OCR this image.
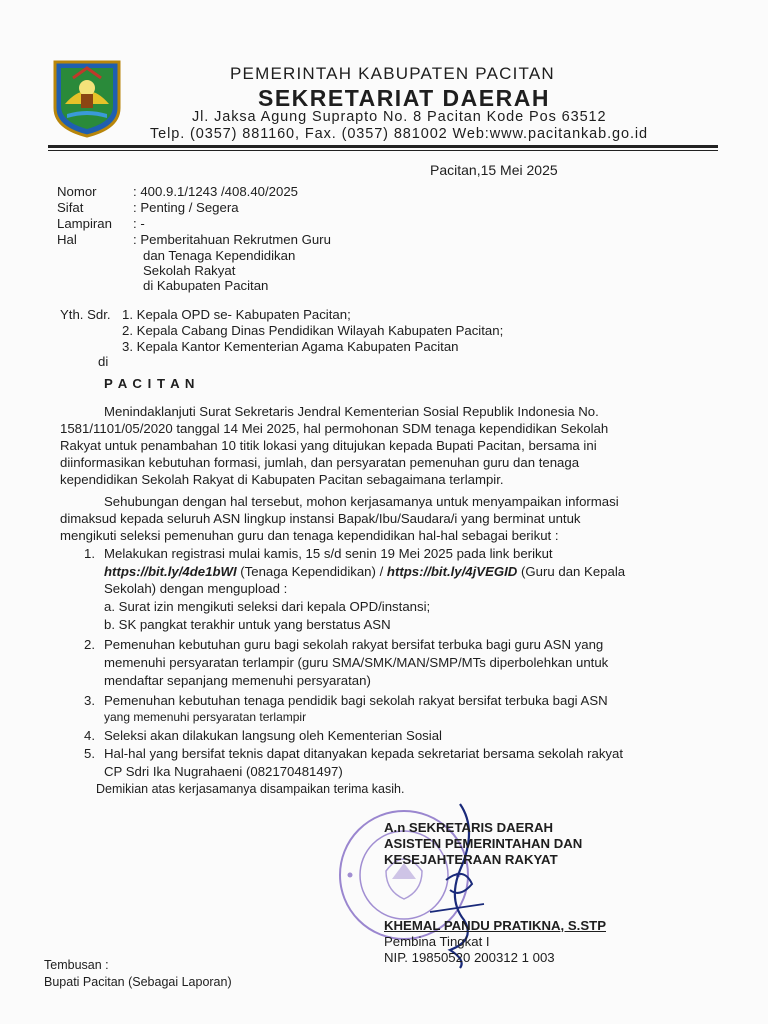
PEMERINTAH KABUPATEN PACITAN
SEKRETARIAT DAERAH
Jl. Jaksa Agung Suprapto No. 8 Pacitan Kode Pos 63512
Telp. (0357) 881160, Fax. (0357) 881002 Web:www.pacitankab.go.id
Pacitan,15 Mei 2025
Nomor	: 400.9.1/1243 /408.40/2025
Sifat	: Penting / Segera
Lampiran : -
Hal	: Pemberitahuan Rekrutmen Guru
dan Tenaga Kependidikan
Sekolah Rakyat
di Kabupaten Pacitan
Yth. Sdr. 1. Kepala OPD se- Kabupaten Pacitan;
2. Kepala Cabang Dinas Pendidikan Wilayah Kabupaten Pacitan;
3. Kepala Kantor Kementerian Agama Kabupaten Pacitan
di
P A C I T A N
Menindaklanjuti Surat Sekretaris Jendral Kementerian Sosial Republik Indonesia No.
1581/1101/05/2020 tanggal 14 Mei 2025, hal permohonan SDM tenaga kependidikan Sekolah
Rakyat untuk penambahan 10 titik lokasi yang ditujukan kepada Bupati Pacitan, bersama ini
diinformasikan kebutuhan formasi, jumlah, dan persyaratan pemenuhan guru dan tenaga
kependidikan Sekolah Rakyat di Kabupaten Pacitan sebagaimana terlampir.
Sehubungan dengan hal tersebut, mohon kerjasamanya untuk menyampaikan informasi
dimaksud kepada seluruh ASN lingkup instansi Bapak/Ibu/Saudara/i yang berminat untuk
mengikuti seleksi pemenuhan guru dan tenaga kependidikan hal-hal sebagai berikut :
1. Melakukan registrasi mulai kamis, 15 s/d senin 19 Mei 2025 pada link berikut
https://bit.ly/4de1bWI (Tenaga Kependidikan) / https://bit.ly/4jVEGID (Guru dan Kepala
Sekolah) dengan mengupload :
a. Surat izin mengikuti seleksi dari kepala OPD/instansi;
b. SK pangkat terakhir untuk yang berstatus ASN
2. Pemenuhan kebutuhan guru bagi sekolah rakyat bersifat terbuka bagi guru ASN yang
memenuhi persyaratan terlampir (guru SMA/SMK/MAN/SMP/MTs diperbolehkan untuk
mendaftar sepanjang memenuhi persyaratan)
3. Pemenuhan kebutuhan tenaga pendidik bagi sekolah rakyat bersifat terbuka bagi ASN
yang memenuhi persyaratan terlampir
4. Seleksi akan dilakukan langsung oleh Kementerian Sosial
5. Hal-hal yang bersifat teknis dapat ditanyakan kepada sekretariat bersama sekolah rakyat
CP Sdri Ika Nugrahaeni (082170481497)
Demikian atas kerjasamanya disampaikan terima kasih.
A.n SEKRETARIS DAERAH
ASISTEN PEMERINTAHAN DAN
KESEJAHTERAAN RAKYAT
KHEMAL PANDU PRATIKNA, S.STP
Pembina Tingkat I
NIP. 19850520 200312 1 003
Tembusan :
Bupati Pacitan (Sebagai Laporan)
